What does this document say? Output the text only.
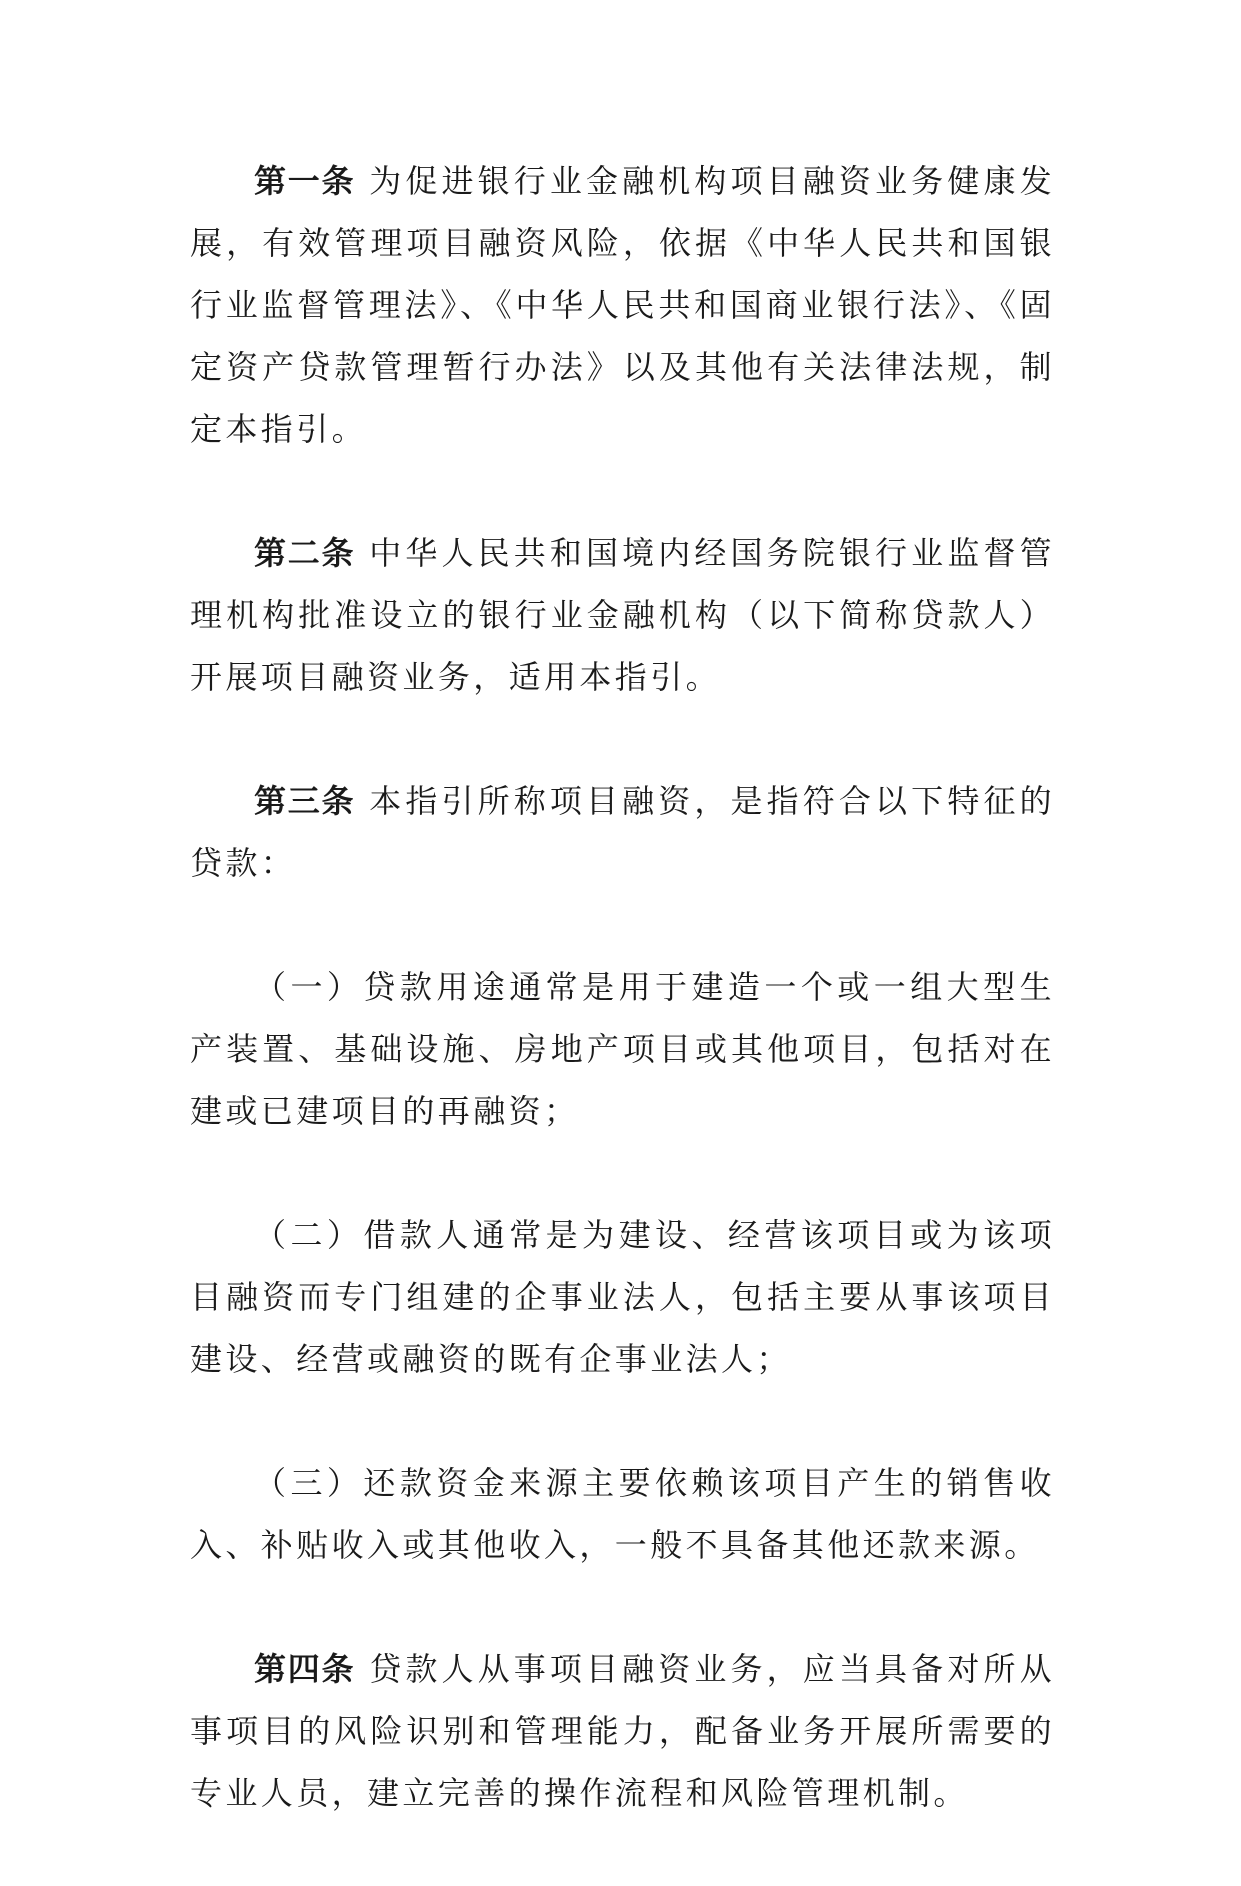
第一条 为促进银行业金融机构项目融资业务健康发展，有效管理项目融资风险，依据《中华人民共和国银行业监督管理法》、《中华人民共和国商业银行法》、《固定资产贷款管理暂行办法》以及其他有关法律法规，制定本指引。

第二条 中华人民共和国境内经国务院银行业监督管理机构批准设立的银行业金融机构（以下简称贷款人）开展项目融资业务，适用本指引。

第三条 本指引所称项目融资，是指符合以下特征的贷款：

（一）贷款用途通常是用于建造一个或一组大型生产装置、基础设施、房地产项目或其他项目，包括对在建或已建项目的再融资；

（二）借款人通常是为建设、经营该项目或为该项目融资而专门组建的企事业法人，包括主要从事该项目建设、经营或融资的既有企事业法人；

（三）还款资金来源主要依赖该项目产生的销售收入、补贴收入或其他收入，一般不具备其他还款来源。

第四条 贷款人从事项目融资业务，应当具备对所从事项目的风险识别和管理能力，配备业务开展所需要的专业人员，建立完善的操作流程和风险管理机制。
